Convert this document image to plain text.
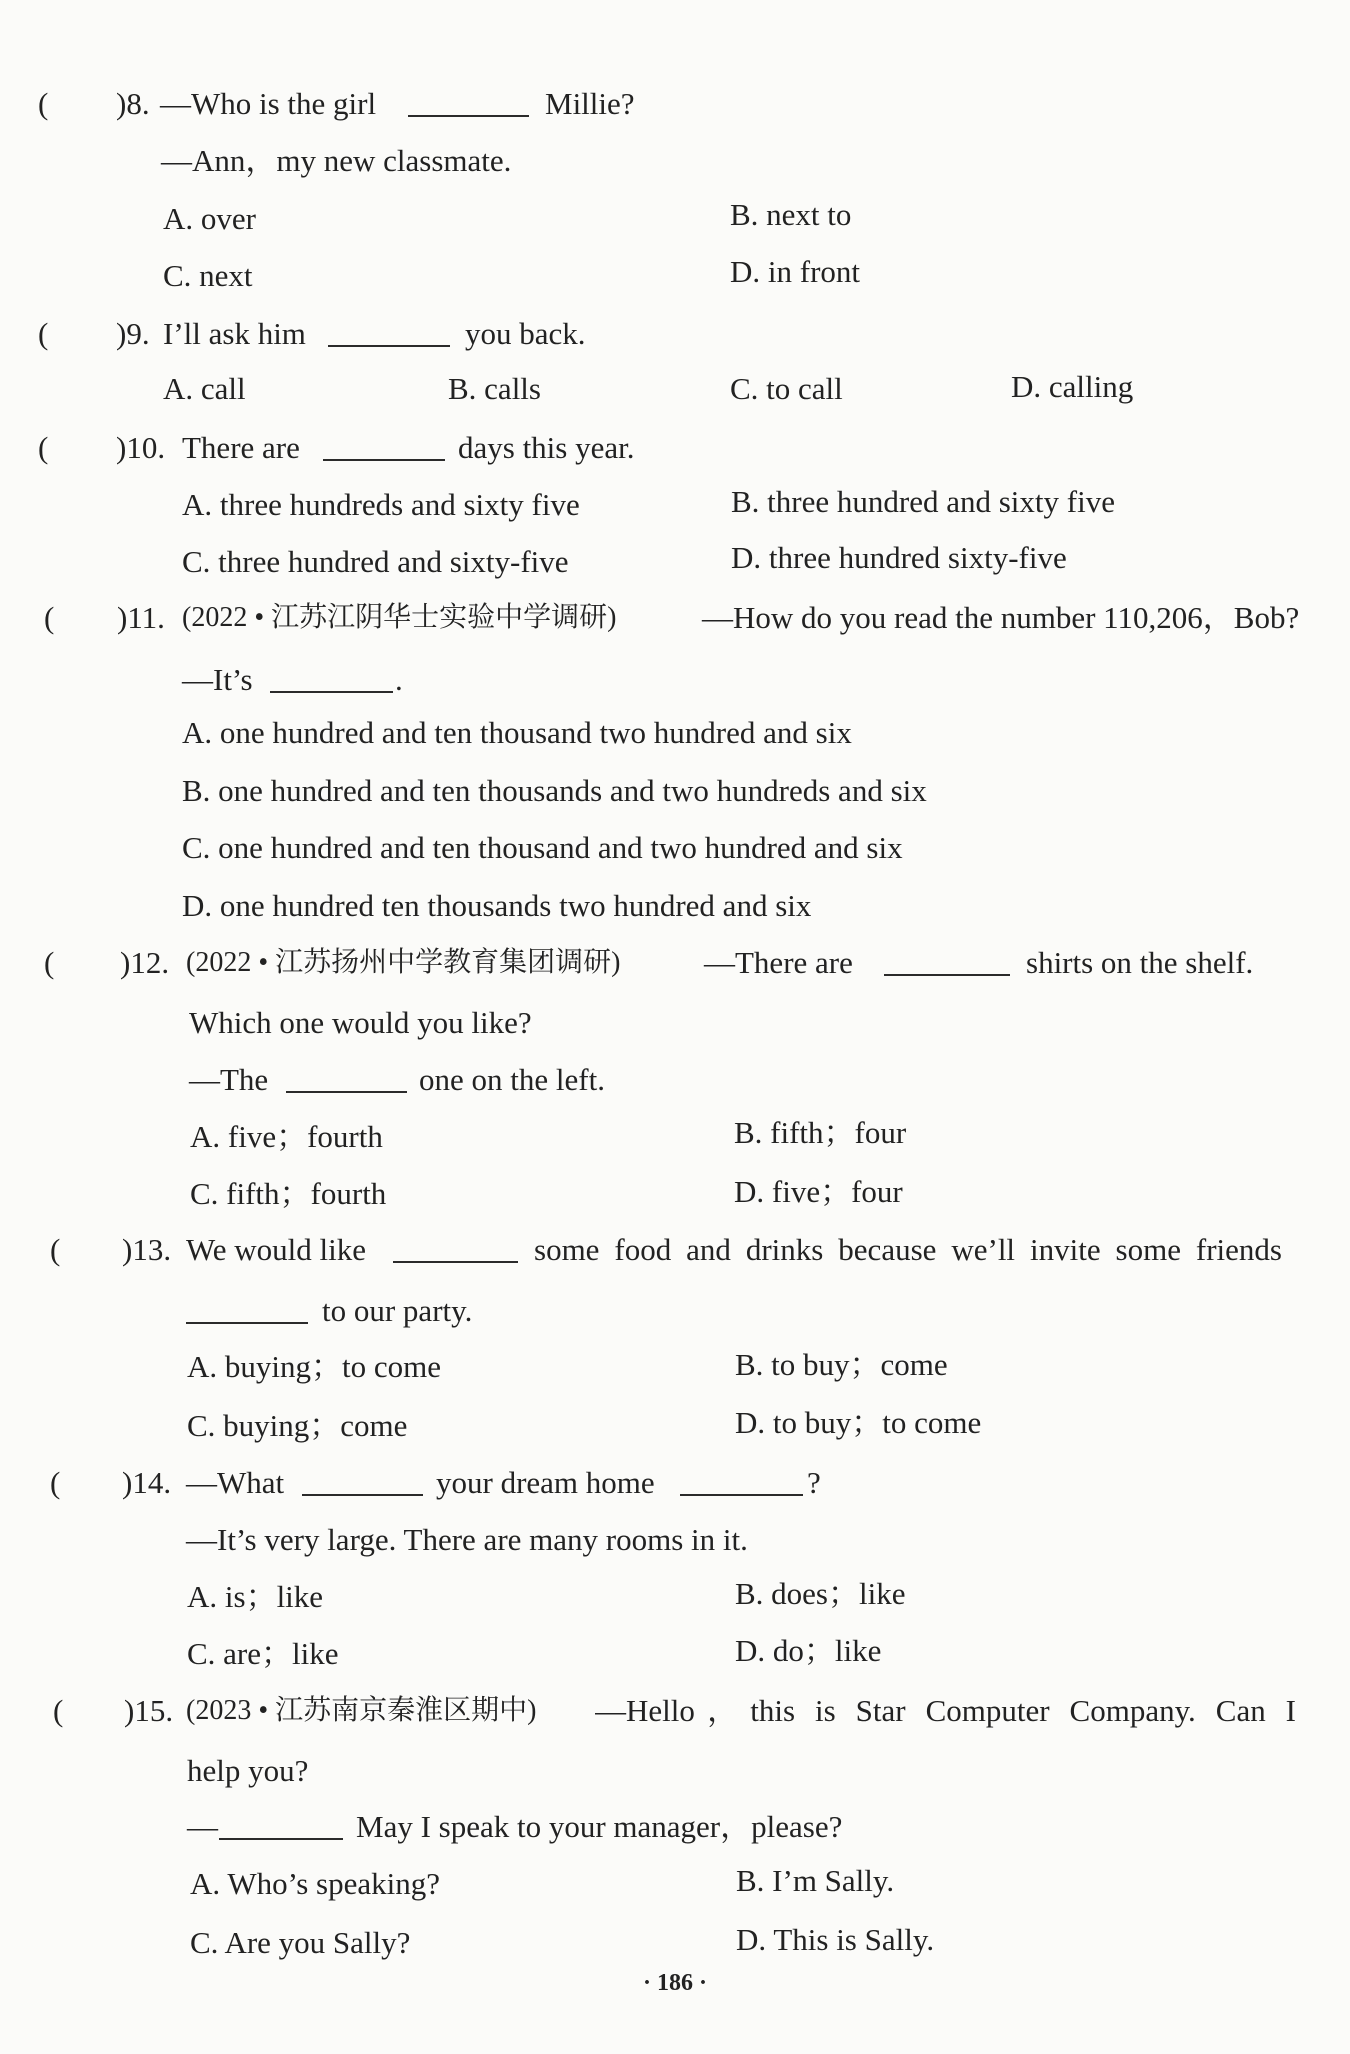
( )8. —Who is the girl	Millie?
—Ann，my new classmate.
A. over	B. next to
C. next	D. in front
( )9. I’ll ask him	you back.
A. call	B. calls	C. to call	D. calling
( )10. There are	days this year.
A. three hundreds and sixty five	B. three hundred and sixty five
C. three hundred and sixty-five	D. three hundred sixty-five
( )11. (2022 • 江苏江阴华士实验中学调研)	—How do you read the number 110,206，Bob?
—It’s	.
A. one hundred and ten thousand two hundred and six
B. one hundred and ten thousands and two hundreds and six
C. one hundred and ten thousand and two hundred and six
D. one hundred ten thousands two hundred and six
( )12. (2022 • 江苏扬州中学教育集团调研)	—There are	shirts on the shelf.
Which one would you like?
—The	one on the left.
A. five；fourth	B. fifth；four
C. fifth；fourth	D. five；four
( )13. We would like	some food and drinks because we’ll invite some friends
to our party.
A. buying；to come	B. to buy；come
C. buying；come	D. to buy；to come
( )14. —What	your dream home	?
—It’s very large. There are many rooms in it.
A. is；like	B. does；like
C. are；like	D. do；like
( )15. (2023 • 江苏南京秦淮区期中) —Hello，this is Star Computer Company. Can I
help you?
—	May I speak to your manager，please?
A. Who’s speaking?	B. I’m Sally.
C. Are you Sally?	D. This is Sally.
· 186 ·
